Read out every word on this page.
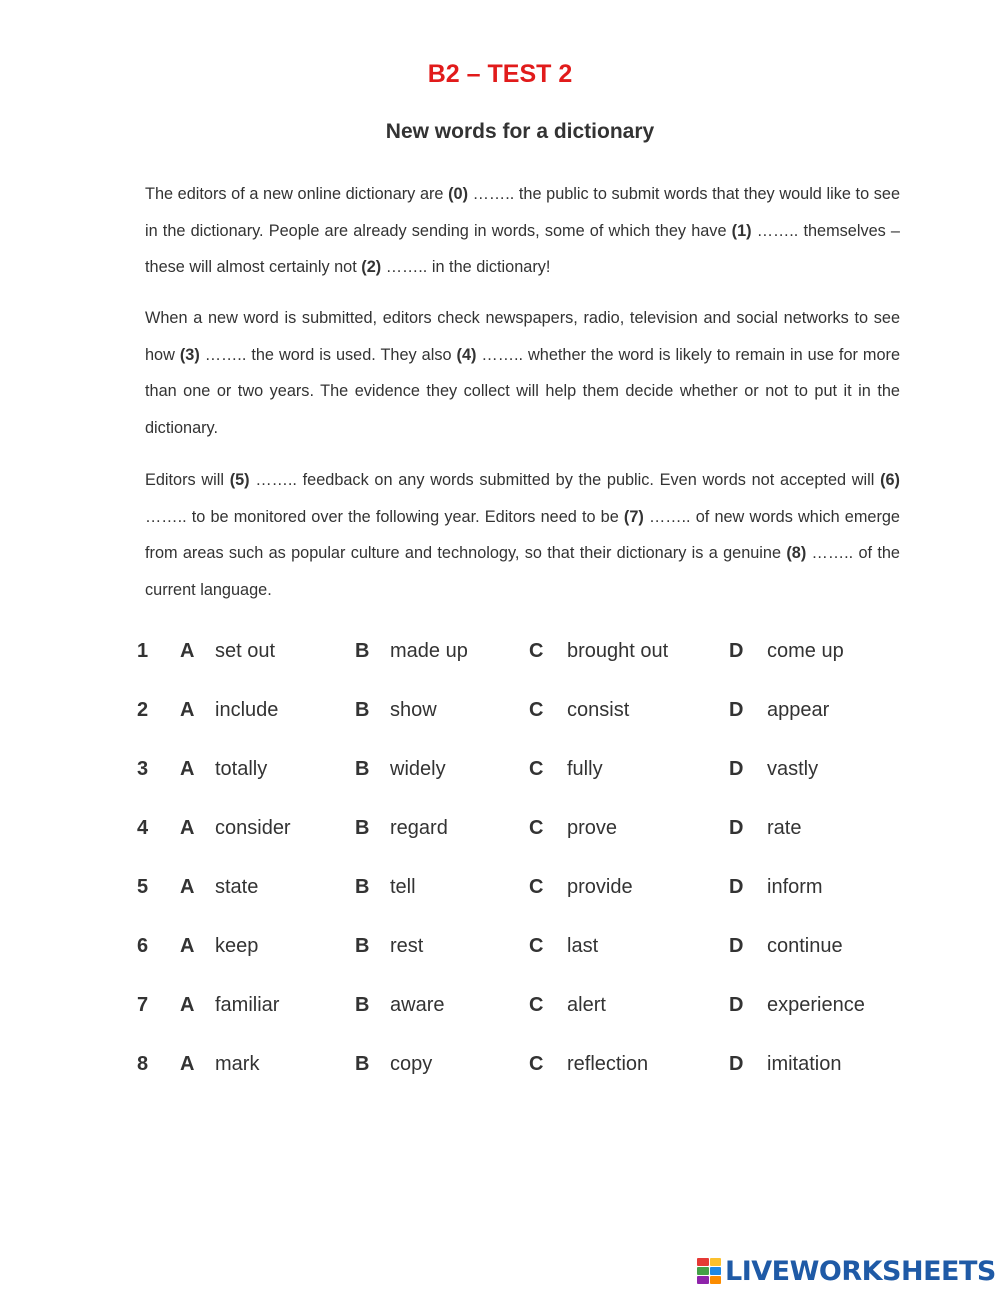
B2 – TEST 2
New words for a dictionary
The editors of a new online dictionary are (0) …….. the public to submit words that they would like to see in the dictionary. People are already sending in words, some of which they have (1) …….. themselves – these will almost certainly not (2) …….. in the dictionary!
When a new word is submitted, editors check newspapers, radio, television and social networks to see how (3) …….. the word is used. They also (4) …….. whether the word is likely to remain in use for more than one or two years. The evidence they collect will help them decide whether or not to put it in the dictionary.
Editors will (5) …….. feedback on any words submitted by the public. Even words not accepted will (6) …….. to be monitored over the following year. Editors need to be (7) …….. of new words which emerge from areas such as popular culture and technology, so that their dictionary is a genuine (8) …….. of the current language.
1 A set out	B made up	C brought out	D come up
2 A include	B show	C consist	D appear
3 A totally	B widely	C fully	D vastly
4 A consider	B regard	C prove	D rate
5 A state	B tell	C provide	D inform
6 A keep	B rest	C last	D continue
7 A familiar	B aware	C alert	D experience
8 A mark	B copy	C reflection	D imitation
LIVEWORKSHEETS
